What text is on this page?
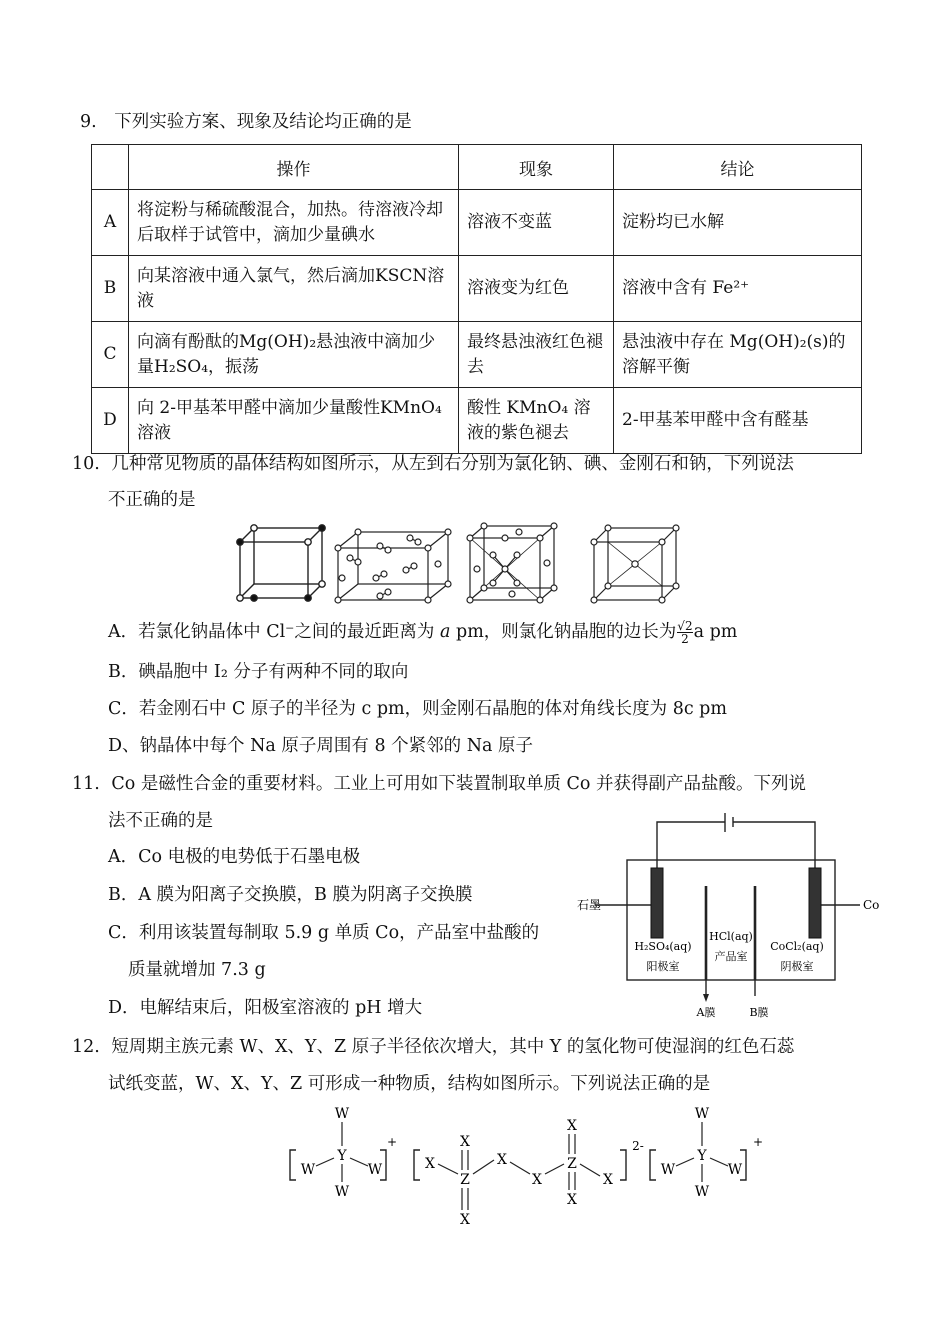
9. 下列实验方案、现象及结论均正确的是
	操作	现象	结论
A	将淀粉与稀硫酸混合，加热。待溶液冷却后取样于试管中，滴加少量碘水	溶液不变蓝	淀粉均已水解
B	向某溶液中通入氯气，然后滴加KSCN溶液	溶液变为红色	溶液中含有 Fe²⁺
C	向滴有酚酞的Mg(OH)₂悬浊液中滴加少量H₂SO₄，振荡	最终悬浊液红色褪去	悬浊液中存在 Mg(OH)₂(s)的溶解平衡
D	向 2-甲基苯甲醛中滴加少量酸性KMnO₄溶液	酸性 KMnO₄ 溶液的紫色褪去	2-甲基苯甲醛中含有醛基
10. 几种常见物质的晶体结构如图所示，从左到右分别为氯化钠、碘、金刚石和钠，下列说法
不正确的是
A．若氯化钠晶体中 Cl⁻之间的最近距离为 a pm，则氯化钠晶胞的边长为 $\frac{√2}{2}$ a pm
B．碘晶胞中 I₂ 分子有两种不同的取向
C．若金刚石中 C 原子的半径为 c pm，则金刚石晶胞的体对角线长度为 8c pm
D、钠晶体中每个 Na 原子周围有 8 个紧邻的 Na 原子
11. Co 是磁性合金的重要材料。工业上可用如下装置制取单质 Co 并获得副产品盐酸。下列说
法不正确的是
A．Co 电极的电势低于石墨电极
B．A 膜为阳离子交换膜，B 膜为阴离子交换膜
C．利用该装置每制取 5.9 g 单质 Co，产品室中盐酸的
质量就增加 7.3 g
D．电解结束后，阳极室溶液的 pH 增大
石墨	Co
H₂SO₄(aq)
阳极室
HCl(aq)
产品室
CoCl₂(aq)
阴极室
A膜	B膜
12. 短周期主族元素 W、X、Y、Z 原子半径依次增大，其中 Y 的氢化物可使湿润的红色石蕊
试纸变蓝，W、X、Y、Z 可形成一种物质，结构如图所示。下列说法正确的是
+
W
Y
W	W
W
2-
X
X
Z
X
X
X
X
Z
X
X
+
W
Y
W	W
W
